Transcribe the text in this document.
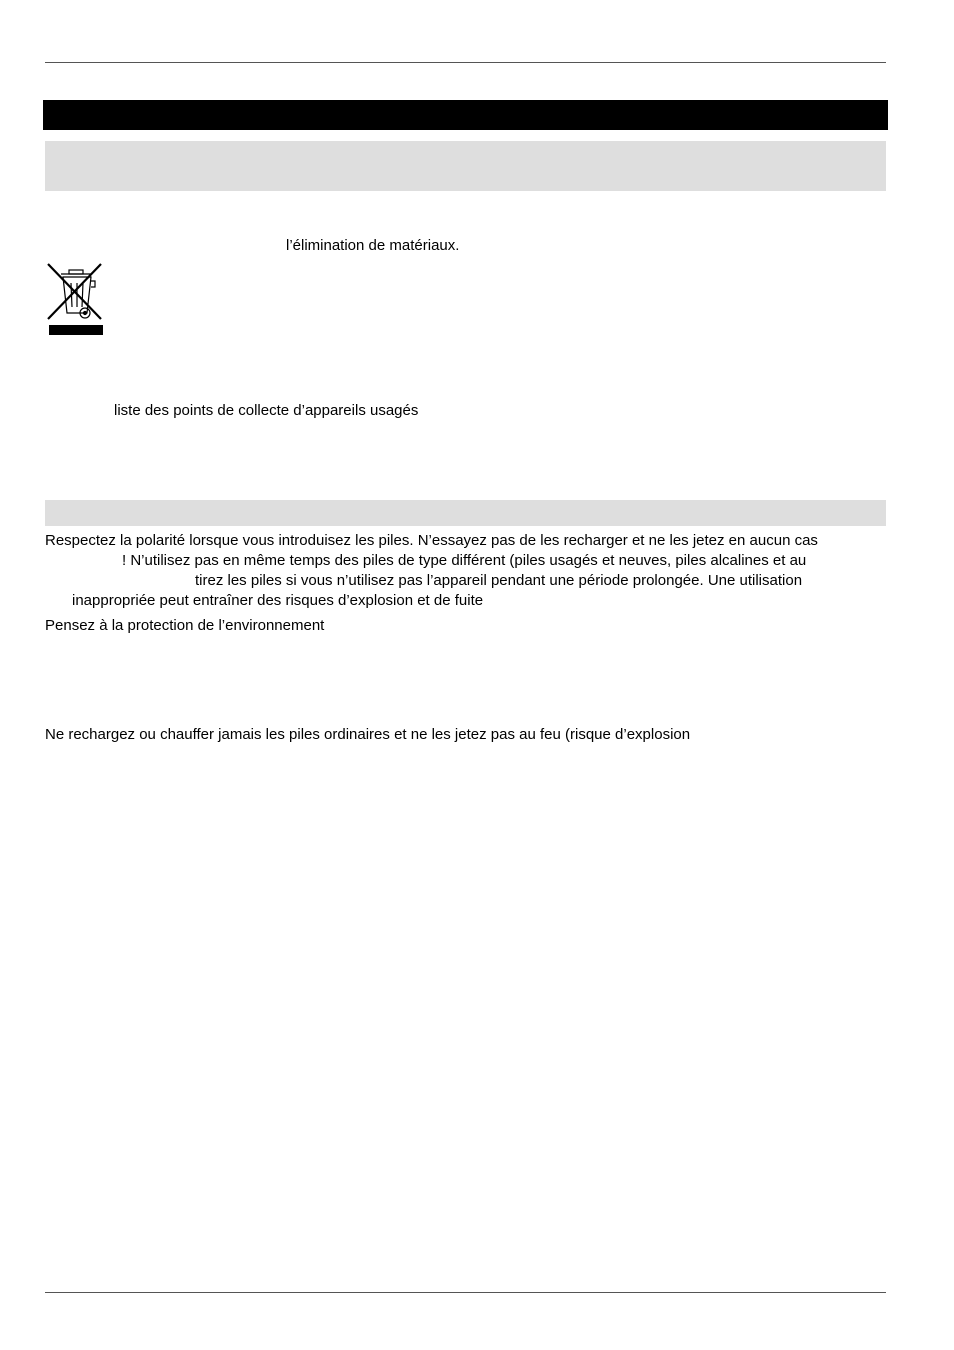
l’élimination de matériaux.

liste des points de collecte d’appareils usagés

Respectez la polarité lorsque vous introduisez les piles. N’essayez pas de les recharger et ne les jetez en aucun cas

! N’utilisez pas en même temps des piles de type différent (piles usagés et neuves, piles alcalines et au

tirez les piles si vous n’utilisez pas l’appareil pendant une période prolongée. Une utilisation

inappropriée peut entraîner des risques d’explosion et de fuite

Pensez à la protection de l’environnement

Ne rechargez ou chauffer jamais les piles ordinaires et ne les jetez pas au feu (risque d’explosion
